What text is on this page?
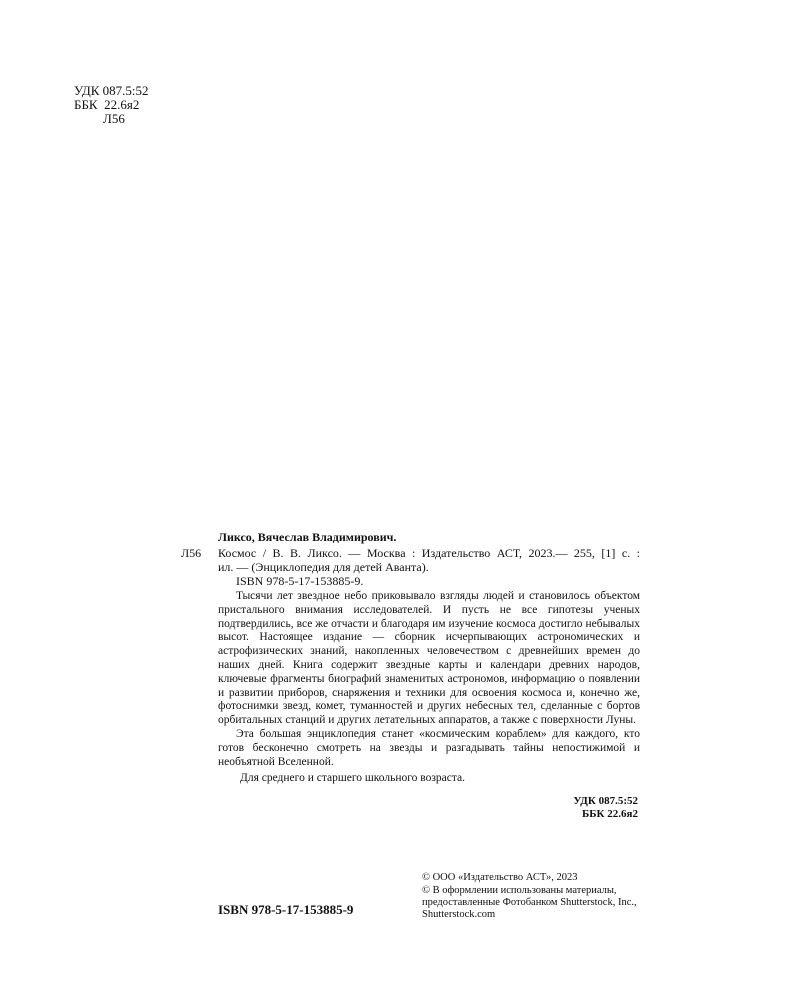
УДК 087.5:52
ББК  22.6я2
Л56
Л56

Ликсо, Вячеслав Владимирович.

Космос / В. В. Ликсо. — Москва : Издательство АСТ, 2023.— 255, [1] с. :

ил. — (Энциклопедия для детей Аванта).

ISBN 978-5-17-153885-9.

Тысячи лет звездное небо приковывало взгляды людей и становилось объектом пристального внимания исследователей. И пусть не все гипотезы ученых подтвердились, все же отчасти и благодаря им изучение космоса достигло небывалых высот. Настоящее издание — сборник исчерпывающих астрономических и астрофизических знаний, накопленных человечеством с древнейших времен до наших дней. Книга содержит звездные карты и календари древних народов, ключевые фрагменты биографий знаменитых астрономов, информацию о появлении и развитии приборов, снаряжения и техники для освоения космоса и, конечно же, фотоснимки звезд, комет, туманностей и других небесных тел, сделанные с бортов орбитальных станций и других летательных аппаратов, а также с поверхности Луны.

Эта большая энциклопедия станет «космическим кораблем» для каждого, кто готов бесконечно смотреть на звезды и разгадывать тайны непостижимой и необъятной Вселенной.

Для среднего и старшего школьного возраста.

УДК 087.5:52
ББК 22.6я2
ISBN 978-5-17-153885-9

© ООО «Издательство АСТ», 2023

© В оформлении использованы материалы,

предоставленные Фотобанком Shutterstock, Inc.,

Shutterstock.com
